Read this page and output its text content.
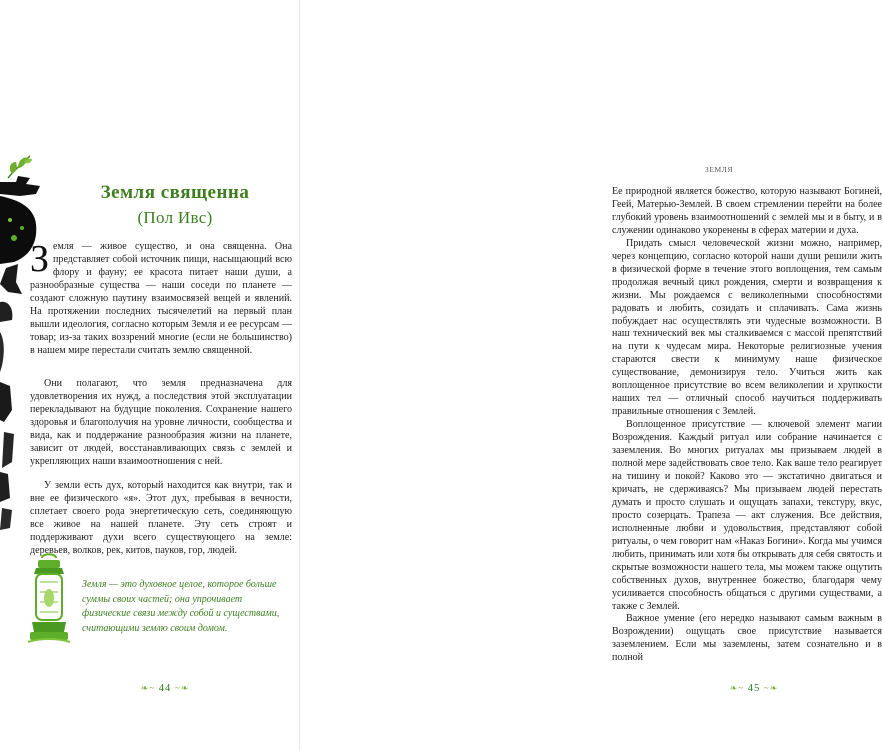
Земля священна

(Пол Ивс)

Земля — живое существо, и она священна. Она представляет собой источник пищи, насыщающий всю флору и фауну; ее красота питает наши души, а разнообразные существа — наши соседи по планете — создают сложную паутину взаимосвязей вещей и явлений. На протяжении последних тысячелетий на первый план вышли идеология, согласно которым Земля и ее ресурсам — товар; из-за таких воззрений многие (если не большинство) в нашем мире перестали считать землю священной.

Они полагают, что земля предназначена для удовлетворения их нужд, а последствия этой эксплуатации перекладывают на будущие поколения. Сохранение нашего здоровья и благополучия на уровне личности, сообщества и вида, как и поддержание разнообразия жизни на планете, зависит от людей, восстанавливающих связь с землей и укрепляющих наши взаимоотношения с ней.

У земли есть дух, который находится как внутри, так и вне ее физического «я». Этот дух, пребывая в вечности, сплетает своего рода энергетическую сеть, соединяющую все живое на нашей планете. Эту сеть строят и поддерживают духи всего существующего на земле: деревьев, волков, рек, китов, пауков, гор, людей.

Земля — это духовное целое, которое больше суммы своих частей; она упрочивает физические связи между собой и существами, считающими землю своим домом.

❧~ 44 ~❧

ЗЕМЛЯ

Ее природной является божество, которую называют Богиней, Геей, Матерью-Землей. В своем стремлении перейти на более глубокий уровень взаимоотношений с землей мы и в быту, и в служении одинаково укоренены в сферах материи и духа.

Придать смысл человеческой жизни можно, например, через концепцию, согласно которой наши души решили жить в физической форме в течение этого воплощения, тем самым продолжая вечный цикл рождения, смерти и возвращения к жизни. Мы рождаемся с великолепными способностями радовать и любить, созидать и сплачивать. Сама жизнь побуждает нас осуществлять эти чудесные возможности. В наш технический век мы сталкиваемся с массой препятствий на пути к чудесам мира. Некоторые религиозные учения стараются свести к минимуму наше физическое существование, демонизируя тело. Учиться жить как воплощенное присутствие во всем великолепии и хрупкости наших тел — отличный способ научиться поддерживать правильные отношения с Землей.

Воплощенное присутствие — ключевой элемент магии Возрождения. Каждый ритуал или собрание начинается с заземления. Во многих ритуалах мы призываем людей в полной мере задействовать свое тело. Как ваше тело реагирует на тишину и покой? Каково это — экстатично двигаться и кричать, не сдерживаясь? Мы призываем людей перестать думать и просто слушать и ощущать запахи, текстуру, вкус, просто созерцать. Трапеза — акт служения. Все действия, исполненные любви и удовольствия, представляют собой ритуалы, о чем говорит нам «Наказ Богини». Когда мы учимся любить, принимать или хотя бы открывать для себя святость и скрытые возможности нашего тела, мы можем также ощутить собственных духов, внутреннее божество, благодаря чему усиливается способность общаться с другими существами, а также с Землей.

Важное умение (его нередко называют самым важным в Возрождении) ощущать свое присутствие называется заземлением. Если мы заземлены, затем сознательно и в полной

❧~ 45 ~❧
